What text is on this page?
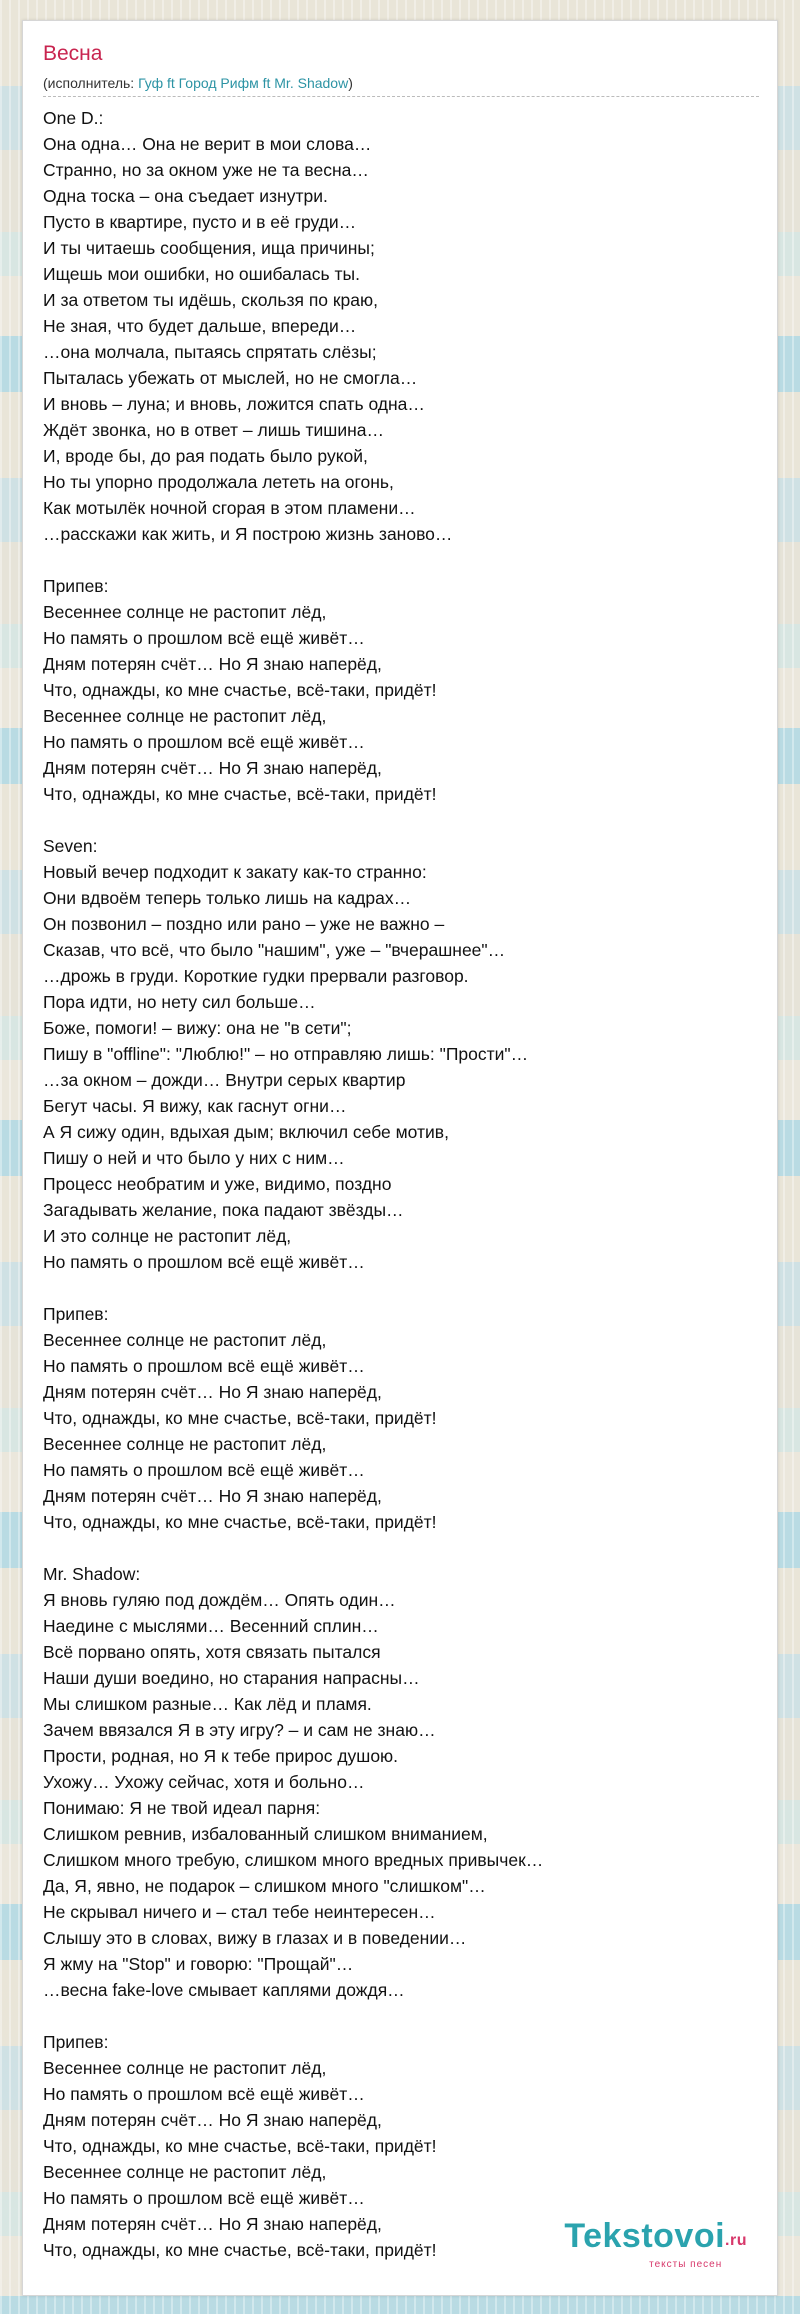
Весна
(исполнитель: Гуф ft Город Рифм ft Mr. Shadow)
One D.:
Она одна… Она не верит в мои слова…
Странно, но за окном уже не та весна…
Одна тоска – она съедает изнутри.
Пусто в квартире, пусто и в её груди…
И ты читаешь сообщения, ища причины;
Ищешь мои ошибки, но ошибалась ты.
И за ответом ты идёшь, скользя по краю,
Не зная, что будет дальше, впереди…
…она молчала, пытаясь спрятать слёзы;
Пыталась убежать от мыслей, но не смогла…
И вновь – луна; и вновь, ложится спать одна…
Ждёт звонка, но в ответ – лишь тишина…
И, вроде бы, до рая подать было рукой,
Но ты упорно продолжала лететь на огонь,
Как мотылёк ночной сгорая в этом пламени…
…расскажи как жить, и Я построю жизнь заново…
Припев:
Весеннее солнце не растопит лёд,
Но память о прошлом всё ещё живёт…
Дням потерян счёт… Но Я знаю наперёд,
Что, однажды, ко мне счастье, всё-таки, придёт!
Весеннее солнце не растопит лёд,
Но память о прошлом всё ещё живёт…
Дням потерян счёт… Но Я знаю наперёд,
Что, однажды, ко мне счастье, всё-таки, придёт!
Seven:
Новый вечер подходит к закату как-то странно:
Они вдвоём теперь только лишь на кадрах…
Он позвонил – поздно или рано – уже не важно –
Сказав, что всё, что было "нашим", уже – "вчерашнее"…
…дрожь в груди. Короткие гудки прервали разговор.
Пора идти, но нету сил больше…
Боже, помоги! – вижу: она не "в сети";
Пишу в "offline": "Люблю!" – но отправляю лишь: "Прости"…
…за окном – дожди… Внутри серых квартир
Бегут часы. Я вижу, как гаснут огни…
А Я сижу один, вдыхая дым; включил себе мотив,
Пишу о ней и что было у них с ним…
Процесс необратим и уже, видимо, поздно
Загадывать желание, пока падают звёзды…
И это солнце не растопит лёд,
Но память о прошлом всё ещё живёт…
Припев:
Весеннее солнце не растопит лёд,
Но память о прошлом всё ещё живёт…
Дням потерян счёт… Но Я знаю наперёд,
Что, однажды, ко мне счастье, всё-таки, придёт!
Весеннее солнце не растопит лёд,
Но память о прошлом всё ещё живёт…
Дням потерян счёт… Но Я знаю наперёд,
Что, однажды, ко мне счастье, всё-таки, придёт!
Mr. Shadow:
Я вновь гуляю под дождём… Опять один…
Наедине с мыслями… Весенний сплин…
Всё порвано опять, хотя связать пытался
Наши души воедино, но старания напрасны…
Мы слишком разные… Как лёд и пламя.
Зачем ввязался Я в эту игру? – и сам не знаю…
Прости, родная, но Я к тебе прирос душою.
Ухожу… Ухожу сейчас, хотя и больно…
Понимаю: Я не твой идеал парня:
Слишком ревнив, избалованный слишком вниманием,
Слишком много требую, слишком много вредных привычек…
Да, Я, явно, не подарок – слишком много "слишком"…
Не скрывал ничего и – стал тебе неинтересен…
Слышу это в словах, вижу в глазах и в поведении…
Я жму на "Stop" и говорю: "Прощай"…
…весна fake-love смывает каплями дождя…
Припев:
Весеннее солнце не растопит лёд,
Но память о прошлом всё ещё живёт…
Дням потерян счёт… Но Я знаю наперёд,
Что, однажды, ко мне счастье, всё-таки, придёт!
Весеннее солнце не растопит лёд,
Но память о прошлом всё ещё живёт…
Дням потерян счёт… Но Я знаю наперёд,
Что, однажды, ко мне счастье, всё-таки, придёт!	Tekstovoi.ru
тексты песен
